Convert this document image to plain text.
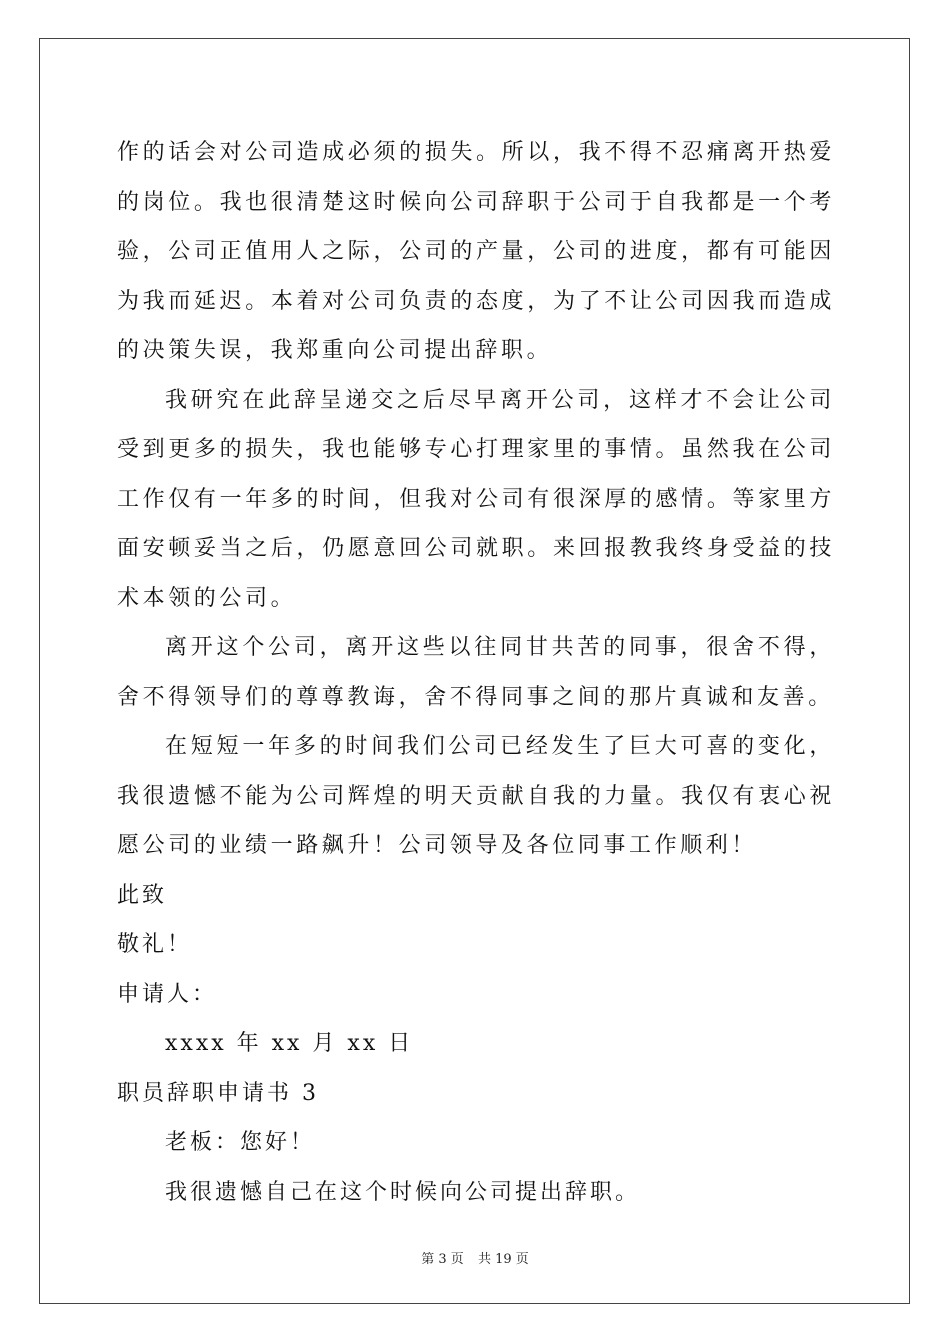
作的话会对公司造成必须的损失。所以，我不得不忍痛离开热爱的岗位。我也很清楚这时候向公司辞职于公司于自我都是一个考验，公司正值用人之际，公司的产量，公司的进度，都有可能因为我而延迟。本着对公司负责的态度，为了不让公司因我而造成的决策失误，我郑重向公司提出辞职。

我研究在此辞呈递交之后尽早离开公司，这样才不会让公司受到更多的损失，我也能够专心打理家里的事情。虽然我在公司工作仅有一年多的时间，但我对公司有很深厚的感情。等家里方面安顿妥当之后，仍愿意回公司就职。来回报教我终身受益的技术本领的公司。

离开这个公司，离开这些以往同甘共苦的同事，很舍不得，舍不得领导们的尊尊教诲，舍不得同事之间的那片真诚和友善。

在短短一年多的时间我们公司已经发生了巨大可喜的变化，我很遗憾不能为公司辉煌的明天贡献自我的力量。我仅有衷心祝愿公司的业绩一路飙升！公司领导及各位同事工作顺利！

此致

敬礼！

申请人：

xxxx 年 xx 月 xx 日

职员辞职申请书 3

老板：您好！

我很遗憾自己在这个时候向公司提出辞职。

第 3 页 共 19 页
